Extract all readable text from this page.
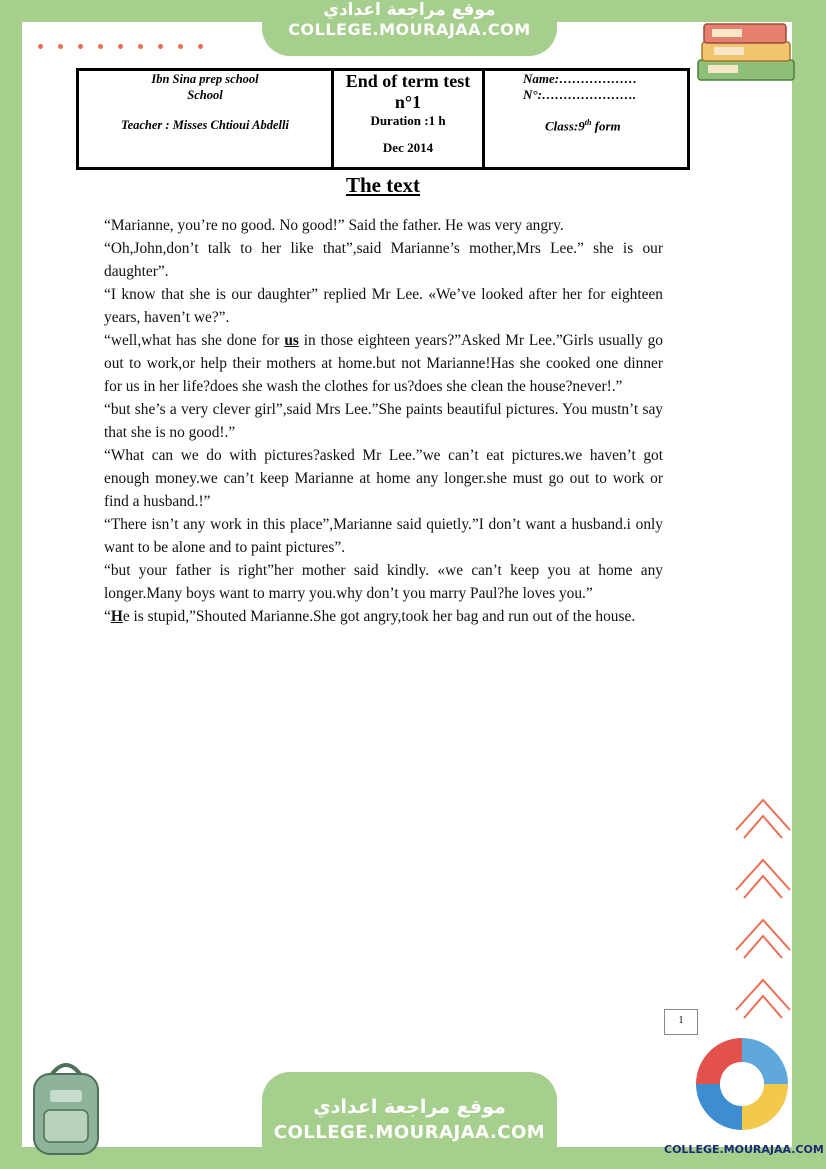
موقع مراجعة اعدادي
COLLEGE.MOURAJAA.COM
Ibn Sina prep school
School
Teacher : Misses Chtioui Abdelli

End of term test
n°1
Duration :1 h
Dec 2014

Name:………………
N°:………………….
Class:9th form
The text

“Marianne, you’re no good. No good!” Said the father. He was very angry.

“Oh,John,don’t talk to her like that”,said Marianne’s mother,Mrs Lee.” she is our daughter”.

“I know that she is our daughter” replied Mr Lee. «We’ve looked after her for eighteen years, haven’t we?”.

“well,what has she done for us in those eighteen years?”Asked Mr Lee.”Girls usually go out to work,or help their mothers at home.but not Marianne!Has she cooked one dinner for us in her life?does she wash the clothes for us?does she clean the house?never!.”

“but she’s a very clever girl”,said Mrs Lee.”She paints beautiful pictures. You mustn’t say that she is no good!.”

“What can we do with pictures?asked Mr Lee.”we can’t eat pictures.we haven’t got enough money.we can’t keep Marianne at home any longer.she must go out to work or find a husband.!”

“There isn’t any work in this place”,Marianne said quietly.”I don’t want a husband.i only want to be alone and to paint pictures”.

“but your father is right”her mother said kindly. «we can’t keep you at home any longer.Many boys want to marry you.why don’t you marry Paul?he loves you.”

“He is stupid,”Shouted Marianne.She got angry,took her bag and run out of the house.

1
موقع مراجعة اعدادي
COLLEGE.MOURAJAA.COM
COLLEGE.MOURAJAA.COM
